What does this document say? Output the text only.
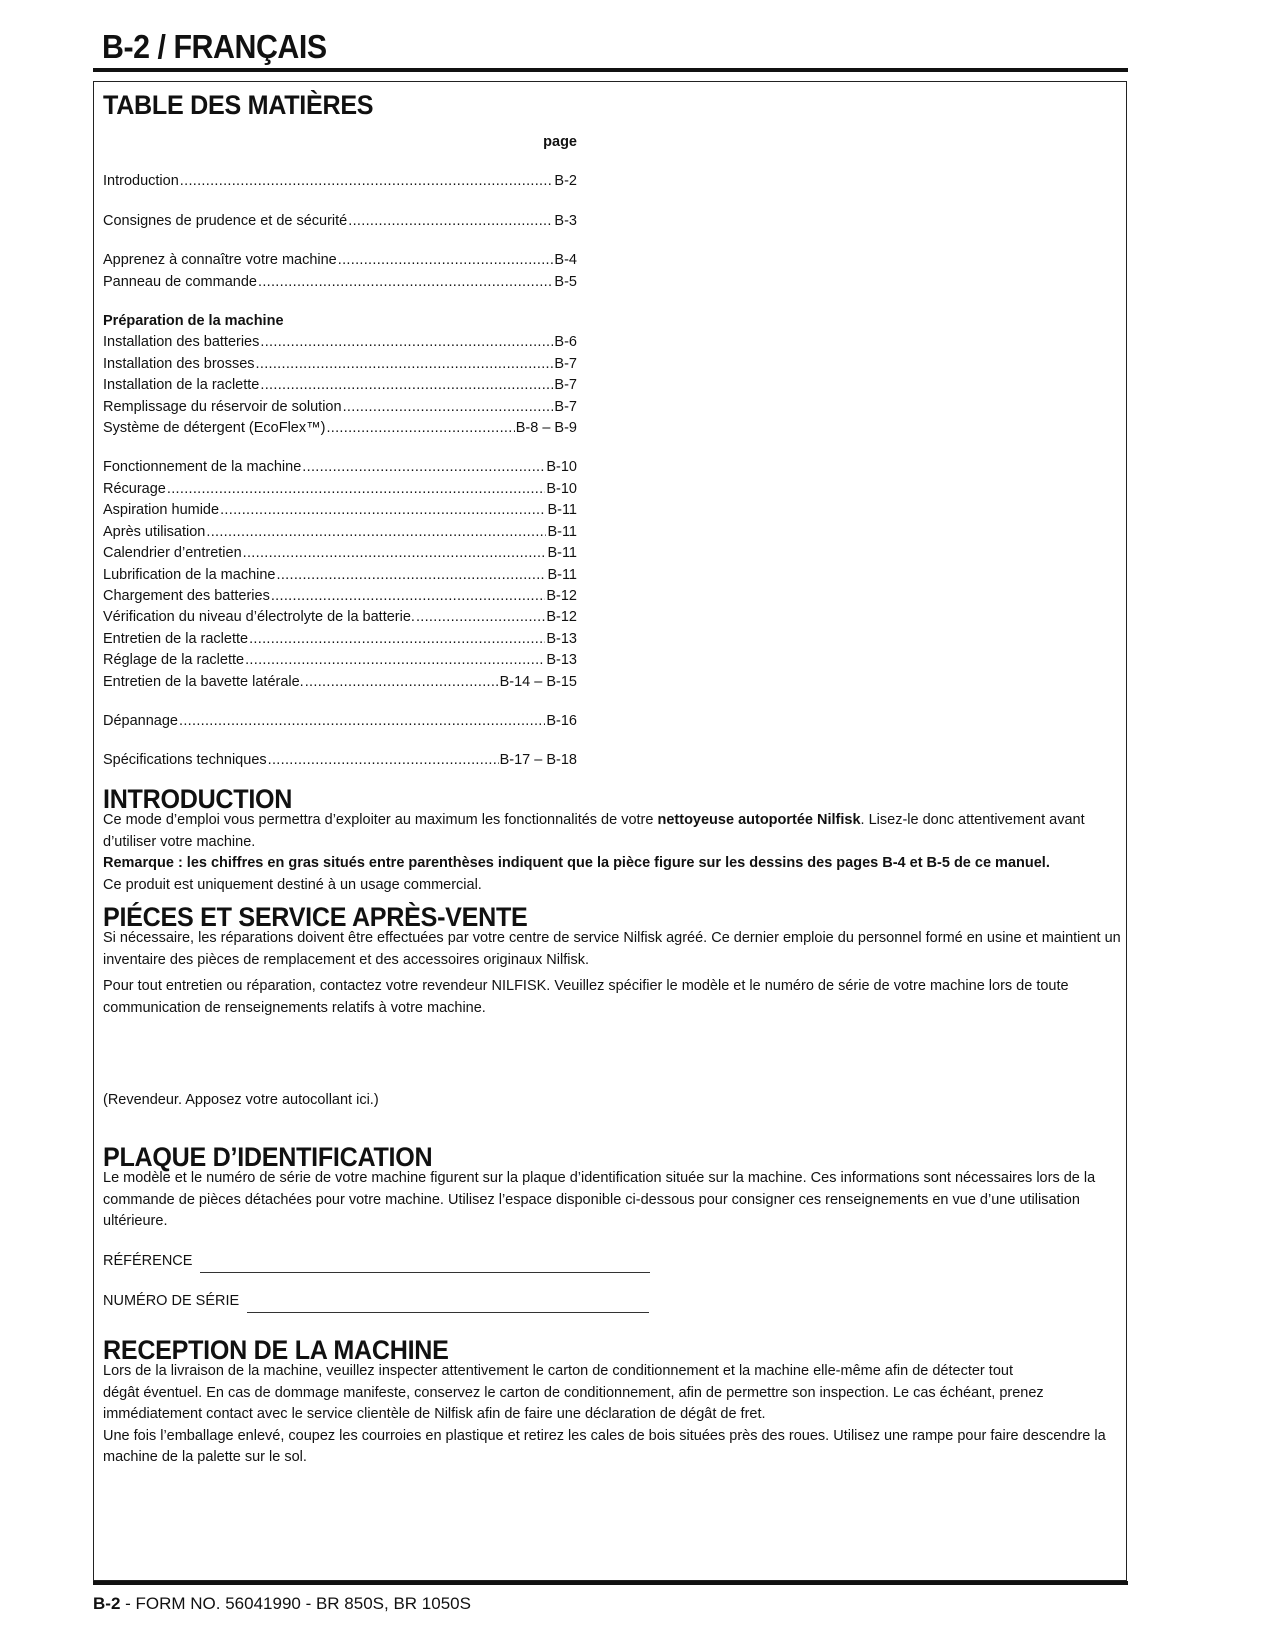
B-2 / FRANÇAIS
TABLE DES MATIÈRES
page
Introduction .....	B-2
Consignes de prudence et de sécurité .....	B-3
Apprenez à connaître votre machine .....	B-4
Panneau de commande .....	B-5
Préparation de la machine
Installation des batteries .....	B-6
Installation des brosses .....	B-7
Installation de la raclette .....	B-7
Remplissage du réservoir de solution .....	B-7
Système de détergent (EcoFlex™) .....	B-8 – B-9
Fonctionnement de la machine .....	B-10
Récurage .....	B-10
Aspiration humide .....	B-11
Après utilisation .....	B-11
Calendrier d’entretien .....	B-11
Lubrification de la machine .....	B-11
Chargement des batteries .....	B-12
Vérification du niveau d’électrolyte de la batterie. .....	B-12
Entretien de la raclette .....	B-13
Réglage de la raclette .....	B-13
Entretien de la bavette latérale. .....	B-14 – B-15
Dépannage .....	B-16
Spécifications techniques .....	B-17 – B-18
INTRODUCTION

Ce mode d’emploi vous permettra d’exploiter au maximum les fonctionnalités de votre nettoyeuse autoportée Nilfisk. Lisez-le donc attentivement avant d’utiliser votre machine.

Remarque : les chiffres en gras situés entre parenthèses indiquent que la pièce figure sur les dessins des pages B-4 et B-5 de ce manuel.

Ce produit est uniquement destiné à un usage commercial.

PIÉCES ET SERVICE APRÈS-VENTE

Si nécessaire, les réparations doivent être effectuées par votre centre de service Nilfisk agréé. Ce dernier emploie du personnel formé en usine et maintient un inventaire des pièces de remplacement et des accessoires originaux Nilfisk.

Pour tout entretien ou réparation, contactez votre revendeur NILFISK. Veuillez spécifier le modèle et le numéro de série de votre machine lors de toute communication de renseignements relatifs à votre machine.

(Revendeur. Apposez votre autocollant ici.)

PLAQUE D’IDENTIFICATION

Le modèle et le numéro de série de votre machine figurent sur la plaque d’identification située sur la machine. Ces informations sont nécessaires lors de la commande de pièces détachées pour votre machine. Utilisez l’espace disponible ci-dessous pour consigner ces renseignements en vue d’une utilisation ultérieure.

RÉFÉRENCE
NUMÉRO DE SÉRIE
RECEPTION DE LA MACHINE

Lors de la livraison de la machine, veuillez inspecter attentivement le carton de conditionnement et la machine elle-même afin de détecter tout
dégât éventuel. En cas de dommage manifeste, conservez le carton de conditionnement, afin de permettre son inspection. Le cas échéant, prenez immédiatement contact avec le service clientèle de Nilfisk afin de faire une déclaration de dégât de fret.

Une fois l’emballage enlevé, coupez les courroies en plastique et retirez les cales de bois situées près des roues. Utilisez une rampe pour faire descendre la machine de la palette sur le sol.

B-2 - FORM NO. 56041990 - BR 850S, BR 1050S
